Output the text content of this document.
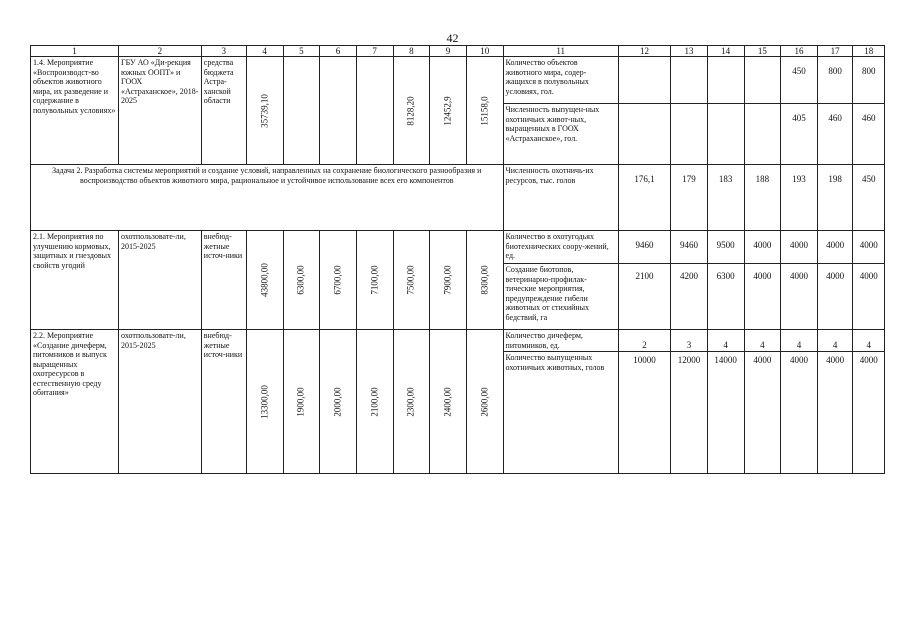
42
1	2	3	4	5	6	7	8	9	10	11	12	13	14	15	16	17	18
1.4. Мероприятие «Воспроизводст-во объектов животного мира, их разведение и содержание в полувольных условиях»	ГБУ АО «Ди-рекция южных ООПТ» и ГООХ «Астраханское», 2018-2025	средства бюджета Астра-ханской области	35739,10				8128,20	12452,9	15158,0	Количество объектов животного мира, содер-жащихся в полувольных условиях, гол.					450	800	800
										Численность выпущен-ных охотничьих живот-ных, выращенных в ГООХ «Астраханское», гол.					405	460	460
Задача 2. Разработка системы мероприятий и создание условий, направленных на сохранение биологического разнообразия и воспроизводство объектов животного мира, рациональное и устойчивое использование всех его компонентов										Численность охотничь-их ресурсов, тыс. голов	176,1	179	183	188	193	198	450
2.1. Мероприятия по улучшению кормовых, защитных и гнездовых свойств угодий	охотпользовате-ли, 2015-2025	внебюд-жетные источ-ники	43800,00	6300,00	6700,00	7100,00	7500,00	7900,00	8300,00	Количество в охотугодьях биотехнических соору-жений, ед.	9460	9460	9500	4000	4000	4000	4000
										Создание биотопов, ветеринарно-профилак-тические мероприятия, предупреждение гибели животных от стихийных бедствий, га	2100	4200	6300	4000	4000	4000	4000
2.2. Мероприятие «Создание дичеферм, питомников и выпуск выращенных охотресурсов в естественную среду обитания»	охотпользовате-ли, 2015-2025	внебюд-жетные источ-ники	13300,00	1900,00	2000,00	2100,00	2300,00	2400,00	2600,00	Количество дичеферм, питомников, ед.	2	3	4	4	4	4	4
										Количество выпущенных охотничьих животных, голов	10000	12000	14000	4000	4000	4000	4000
